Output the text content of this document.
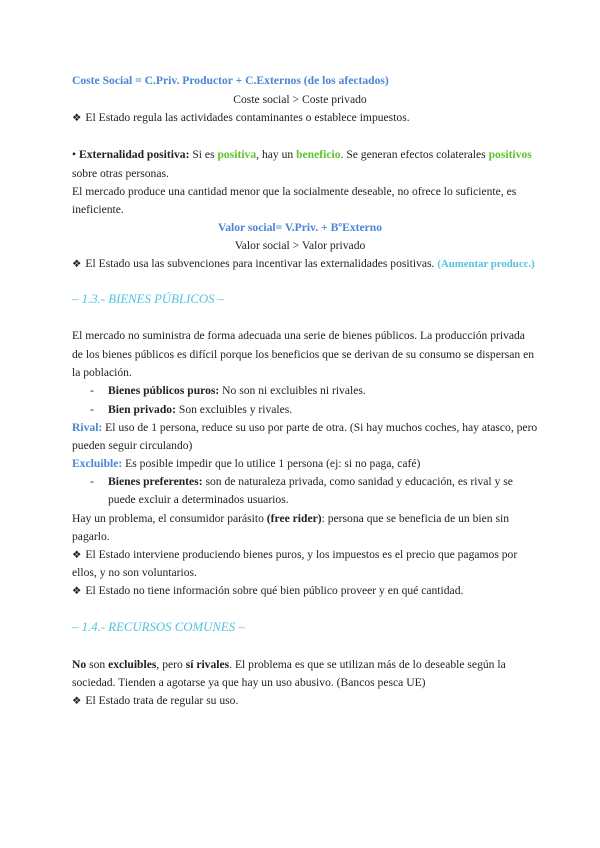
Coste Social = C.Priv. Productor + C.Externos (de los afectados)
Coste social > Coste privado
❖ El Estado regula las actividades contaminantes o establece impuestos.
• Externalidad positiva: Si es positiva, hay un beneficio. Se generan efectos colaterales positivos
sobre otras personas.
El mercado produce una cantidad menor que la socialmente deseable, no ofrece lo suficiente, es
ineficiente.
Valor social= V.Priv. + BºExterno
Valor social > Valor privado
❖ El Estado usa las subvenciones para incentivar las externalidades positivas. (Aumentar producc.)
– 1.3.- BIENES PÚBLICOS –
El mercado no suministra de forma adecuada una serie de bienes públicos. La producción privada
de los bienes públicos es difícil porque los beneficios que se derivan de su consumo se dispersan en
la población.
- Bienes públicos puros: No son ni excluibles ni rivales.
- Bien privado: Son excluibles y rivales.
Rival: El uso de 1 persona, reduce su uso por parte de otra. (Si hay muchos coches, hay atasco, pero
pueden seguir circulando)
Excluible: Es posible impedir que lo utilice 1 persona (ej: si no paga, café)
- Bienes preferentes: son de naturaleza privada, como sanidad y educación, es rival y se
puede excluir a determinados usuarios.
Hay un problema, el consumidor parásito (free rider): persona que se beneficia de un bien sin
pagarlo.
❖ El Estado interviene produciendo bienes puros, y los impuestos es el precio que pagamos por
ellos, y no son voluntarios.
❖ El Estado no tiene información sobre qué bien público proveer y en qué cantidad.
– 1.4.- RECURSOS COMUNES –
No son excluibles, pero sí rivales. El problema es que se utilizan más de lo deseable según la
sociedad. Tienden a agotarse ya que hay un uso abusivo. (Bancos pesca UE)
❖ El Estado trata de regular su uso.
